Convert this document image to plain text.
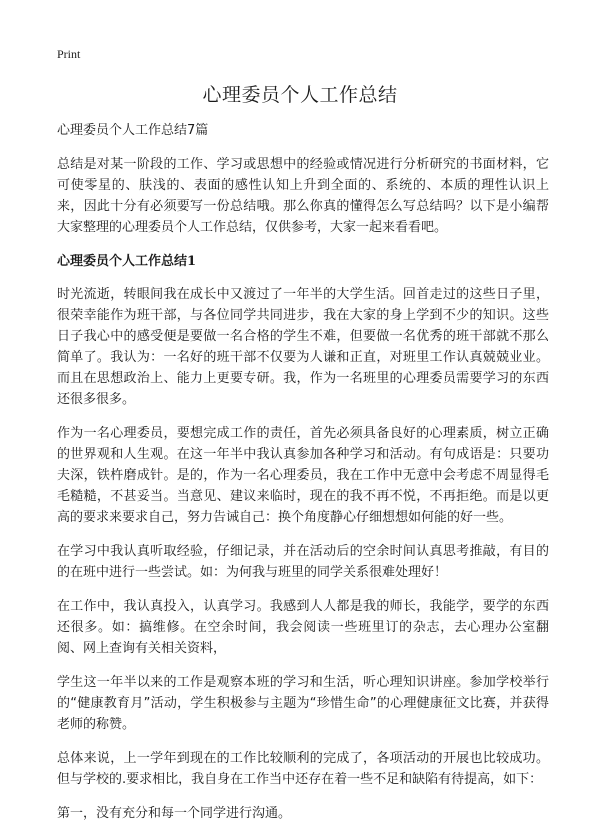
Print
心理委员个人工作总结

心理委员个人工作总结7篇

总结是对某一阶段的工作、学习或思想中的经验或情况进行分析研究的书面材料，它可使零星的、肤浅的、表面的感性认知上升到全面的、系统的、本质的理性认识上来，因此十分有必须要写一份总结哦。那么你真的懂得怎么写总结吗？以下是小编帮大家整理的心理委员个人工作总结，仅供参考，大家一起来看看吧。

心理委员个人工作总结1

时光流逝，转眼间我在成长中又渡过了一年半的大学生活。回首走过的这些日子里，很荣幸能作为班干部，与各位同学共同进步，我在大家的身上学到不少的知识。这些日子我心中的感受便是要做一名合格的学生不难，但要做一名优秀的班干部就不那么简单了。我认为：一名好的班干部不仅要为人谦和正直，对班里工作认真兢兢业业。而且在思想政治上、能力上更要专研。我，作为一名班里的心理委员需要学习的东西还很多很多。

作为一名心理委员，要想完成工作的责任，首先必须具备良好的心理素质，树立正确的世界观和人生观。在这一年半中我认真参加各种学习和活动。有句成语是：只要功夫深，铁杵磨成针。是的，作为一名心理委员，我在工作中无意中会考虑不周显得毛毛糙糙，不甚妥当。当意见、建议来临时，现在的我不再不悦，不再拒绝。而是以更高的要求来要求自己，努力告诫自己：换个角度静心仔细想想如何能的好一些。

在学习中我认真听取经验，仔细记录，并在活动后的空余时间认真思考推敲，有目的的在班中进行一些尝试。如：为何我与班里的同学关系很难处理好！

在工作中，我认真投入，认真学习。我感到人人都是我的师长，我能学，要学的东西还很多。如：搞维修。在空余时间，我会阅读一些班里订的杂志，去心理办公室翻阅、网上查询有关相关资料，

学生这一年半以来的工作是观察本班的学习和生活，听心理知识讲座。参加学校举行的“健康教育月”活动，学生积极参与主题为“珍惜生命”的心理健康征文比赛，并获得老师的称赞。

总体来说，上一学年到现在的工作比较顺利的完成了，各项活动的开展也比较成功。但与学校的.要求相比，我自身在工作当中还存在着一些不足和缺陷有待提高，如下：

第一，没有充分和每一个同学进行沟通。
